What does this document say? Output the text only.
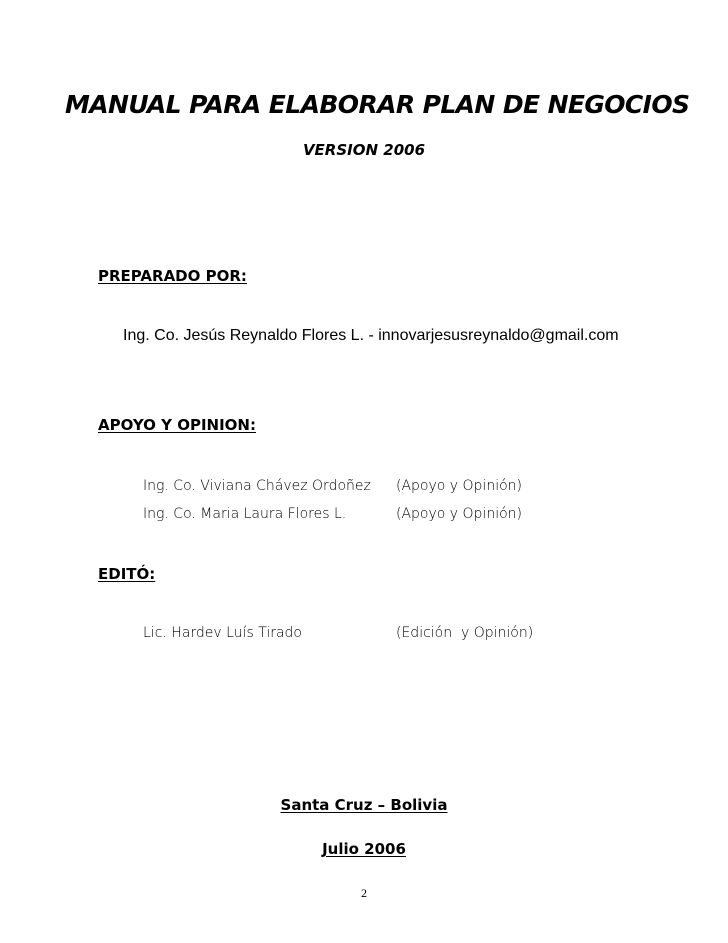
MANUAL PARA ELABORAR PLAN DE NEGOCIOS
VERSION 2006
PREPARADO POR:
Ing. Co. Jesús Reynaldo Flores L. - innovarjesusreynaldo@gmail.com
APOYO Y OPINION:
Ing. Co. Viviana Chávez Ordoñez (Apoyo y Opinión)
Ing. Co. Maria Laura Flores L.	(Apoyo y Opinión)
EDITÓ:
Lic. Hardev Luís Tirado	(Edición  y Opinión)
Santa Cruz – Bolivia
Julio 2006
2
